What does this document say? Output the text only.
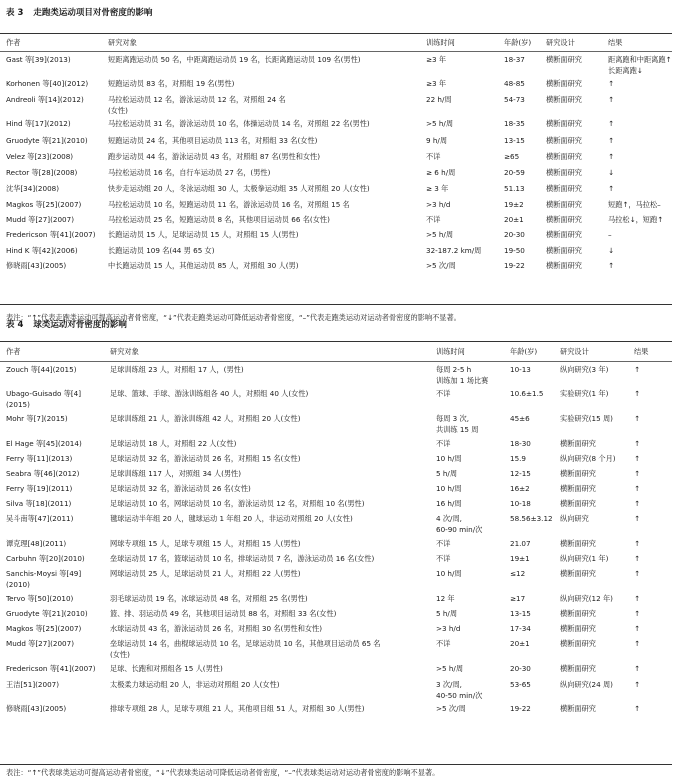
表 3 走跑类运动项目对骨密度的影响
作者	研究对象	训练时间	年龄(岁)	研究设计	结果
Gast 等[39](2013)	短距离跑运动员 50 名，中距离跑运动员 19 名，长距离跑运动员 109 名(男性)	≥3 年	18-37	横断面研究	距离跑和中距离跑↑
长距离跑↓
Korhonen 等[40](2012)	短跑运动员 83 名，对照组 19 名(男性)	≥3 年	48-85	横断面研究	↑
Andreoli 等[14](2012)	马拉松运动员 12 名，游泳运动员 12 名，对照组 24 名
(女性)
22 h/周	54-73	横断面研究	↑
Hind 等[17](2012)	马拉松运动员 31 名，游泳运动员 10 名，体操运动员 14 名，对照组 22 名(男性)	>5 h/周	18-35	横断面研究	↑
Gruodyte 等[21](2010)	短跑运动员 24 名，其他项目运动员 113 名，对照组 33 名(女性)	9 h/周	13-15	横断面研究	↑
Velez 等[23](2008)	跑步运动员 44 名，游泳运动员 43 名，对照组 87 名(男性和女性)	不详	≥65	横断面研究	↑
Rector 等[28](2008)	马拉松运动员 16 名，自行车运动员 27 名，(男性)	≥ 6 h/周	20-59	横断面研究	↓
沈华[34](2008)	快步走运动组 20 人，冬泳运动组 30 人，太极拳运动组 35 人对照组 20 人(女性)	≥ 3 年	51.13	横断面研究	↑
Magkos 等[25](2007)	马拉松运动员 10 名，短跑运动员 11 名，游泳运动员 16 名，对照组 15 名	>3 h/d	19±2	横断面研究	短跑↑，马拉松–
Mudd 等[27](2007)	马拉松运动员 25 名，短跑运动员 8 名，其他项目运动员 66 名(女性)	不详	20±1	横断面研究	马拉松↓，短跑↑
Fredericson 等[41](2007)	长跑运动员 15 人，足球运动员 15 人，对照组 15 人(男性)	>5 h/周	20-30	横断面研究	–
Hind K 等[42](2006)	长跑运动员 109 名(44 男 65 女)	32-187.2 km/周	19-50	横断面研究	↓
修晓雨[43](2005)	中长跑运动员 15 人，其他运动员 85 人，对照组 30 人(男)	>5 次/周	19-22	横断面研究	↑
表注：“↑”代表走跑类运动可提高运动者骨密度，“↓”代表走跑类运动可降低运动者骨密度，“–”代表走跑类运动对运动者骨密度的影响不显著。
表 4 球类运动对骨密度的影响
作者	研究对象	训练时间	年龄(岁)	研究设计	结果
Zouch 等[44](2015)	足球训练组 23 人，对照组 17 人，(男性)	每周 2-5 h
训练加 1 场比赛
10-13	纵向研究(3 年)	↑
Ubago-Guisado 等[4]
(2015)
足球、篮球、手球、游泳训练组各 40 人，对照组 40 人(女性)	不详	10.6±1.5	实验研究(1 年)	↑
Mohr 等[7](2015)	足球训练组 21 人，游泳训练组 42 人，对照组 20 人(女性)	每周 3 次,
共训练 15 周
45±6	实验研究(15 周)	↑
El Hage 等[45](2014)	足球运动员 18 人，对照组 22 人(女性)	不详	18-30	横断面研究	↑
Ferry 等[11](2013)	足球运动员 32 名，游泳运动员 26 名，对照组 15 名(女性)	10 h/周	15.9	纵向研究(8 个月)	↑
Seabra 等[46](2012)	足球训练组 117 人，对照组 34 人(男性)	5 h/周	12-15	横断面研究	↑
Ferry 等[19](2011)	足球运动员 32 名，游泳运动员 26 名(女性)	10 h/周	16±2	横断面研究	↑
Silva 等[18](2011)	足球运动员 10 名，网球运动员 10 名，游泳运动员 12 名，对照组 10 名(男性)	16 h/周	10-18	横断面研究	↑
吴斗南等[47](2011)	毽球运动半年组 20 人，毽球运动 1 年组 20 人，非运动对照组 20 人(女性)	4 次/周,
60-90 min/次
58.56±3.12	纵向研究	↑
谭克理[48](2011)	网球专项组 15 人，足球专项组 15 人，对照组 15 人(男性)	不详	21.07	横断面研究	↑
Carbuhn 等[20](2010)	垒球运动员 17 名，篮球运动员 10 名，排球运动员 7 名，游泳运动员 16 名(女性)	不详	19±1	纵向研究(1 年)	↑
Sanchis-Moysi 等[49]
(2010)
网球运动员 25 人，足球运动员 21 人，对照组 22 人(男性)	10 h/周	≤12	横断面研究	↑
Tervo 等[50](2010)	羽毛球运动员 19 名，冰球运动员 48 名，对照组 25 名(男性)	12 年	≥17	纵向研究(12 年)	↑
Gruodyte 等[21](2010)	篮、排、羽运动员 49 名，其他项目运动员 88 名，对照组 33 名(女性)	5 h/周	13-15	横断面研究	↑
Magkos 等[25](2007)	水球运动员 43 名，游泳运动员 26 名，对照组 30 名(男性和女性)	>3 h/d	17-34	横断面研究	↑
Mudd 等[27](2007)	垒球运动员 14 名，曲棍球运动员 10 名，足球运动员 10 名，其他项目运动员 65 名
(女性)
不详	20±1	横断面研究	↑
Fredericson 等[41](2007)	足球、长跑和对照组各 15 人(男性)	>5 h/周	20-30	横断面研究	↑
王洁[51](2007)	太极柔力球运动组 20 人，非运动对照组 20 人(女性)	3 次/周,
40-50 min/次
53-65	纵向研究(24 周)	↑
修晓雨[43](2005)	排球专项组 28 人，足球专项组 21 人，其他项目组 51 人，对照组 30 人(男性)	>5 次/周	19-22	横断面研究	↑
表注：“↑”代表球类运动可提高运动者骨密度，“↓”代表球类运动可降低运动者骨密度，“–”代表球类运动对运动者骨密度的影响不显著。
